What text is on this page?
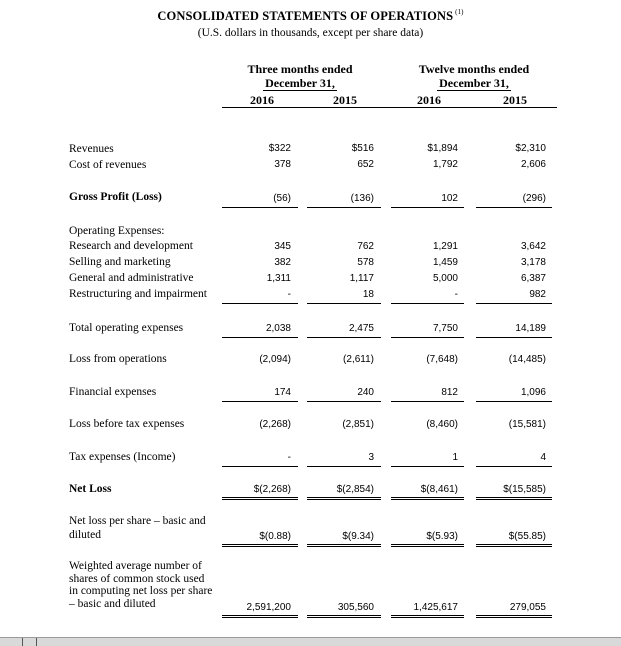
CONSOLIDATED STATEMENTS OF OPERATIONS $^{(1)}$
(U.S. dollars in thousands, except per share data)
Three months ended
December 31,
Twelve months ended
December 31,
2016	2015	2016	2015
Revenues	$322	$516	$1,894	$2,310
Cost of revenues	378	652	1,792	2,606
Gross Profit (Loss)	(56)	(136)	102	(296)
Operating Expenses:
Research and development	345	762	1,291	3,642
Selling and marketing	382	578	1,459	3,178
General and administrative	1,311	1,117	5,000	6,387
Restructuring and impairment	-	18	-	982
Total operating expenses	2,038	2,475	7,750	14,189
Loss from operations	(2,094)	(2,611)	(7,648)	(14,485)
Financial expenses	174	240	812	1,096
Loss before tax expenses	(2,268)	(2,851)	(8,460)	(15,581)
Tax expenses (Income)	-	3	1	4
Net Loss	$(2,268)	$(2,854)	$(8,461)	$(15,585)
Net loss per share – basic and
diluted	$(0.88)	$(9.34)	$(5.93)	$(55.85)
Weighted average number of
shares of common stock used
in computing net loss per share
– basic and diluted	2,591,200	305,560	1,425,617	279,055
